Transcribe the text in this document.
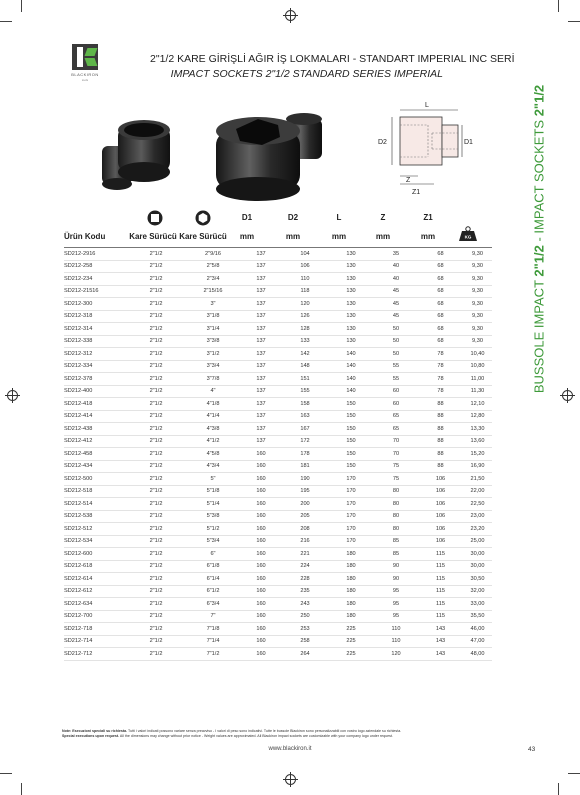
BLACKIRON
tools
2"1/2 KARE GİRİŞLİ AĞIR İŞ LOKMALARI - STANDART IMPERIAL INC SERİ
IMPACT SOCKETS 2"1/2 STANDARD SERIES IMPERIAL
BUSSOLE IMPACT 2"1/2 - IMPACT SOCKETS 2"1/2
L
D2	D1
Z
Z1
KG
D1	D2	L	Z	Z1
Ürün Kodu	Kare Sürücü Kare Sürücü	mm	mm	mm	mm	mm
SD212-2916	2"1/2	2"9/16	137	104	130	35	68	9,30
SD212-258	2"1/2	2"5/8	137	106	130	40	68	9,30
SD212-234	2"1/2	2"3/4	137	110	130	40	68	9,30
SD212-21516	2"1/2	2"15/16	137	118	130	45	68	9,30
SD212-300	2"1/2	3"	137	120	130	45	68	9,30
SD212-318	2"1/2	3"1/8	137	126	130	45	68	9,30
SD212-314	2"1/2	3"1/4	137	128	130	50	68	9,30
SD212-338	2"1/2	3"3/8	137	133	130	50	68	9,30
SD212-312	2"1/2	3"1/2	137	142	140	50	78	10,40
SD212-334	2"1/2	3"3/4	137	148	140	55	78	10,80
SD212-378	2"1/2	3"7/8	137	151	140	55	78	11,00
SD212-400	2"1/2	4"	137	155	140	60	78	11,30
SD212-418	2"1/2	4"1/8	137	158	150	60	88	12,10
SD212-414	2"1/2	4"1/4	137	163	150	65	88	12,80
SD212-438	2"1/2	4"3/8	137	167	150	65	88	13,30
SD212-412	2"1/2	4"1/2	137	172	150	70	88	13,60
SD212-458	2"1/2	4"5/8	160	178	150	70	88	15,20
SD212-434	2"1/2	4"3/4	160	181	150	75	88	16,90
SD212-500	2"1/2	5"	160	190	170	75	106	21,50
SD212-518	2"1/2	5"1/8	160	195	170	80	106	22,00
SD212-514	2"1/2	5"1/4	160	200	170	80	106	22,50
SD212-538	2"1/2	5"3/8	160	205	170	80	106	23,00
SD212-512	2"1/2	5"1/2	160	208	170	80	106	23,20
SD212-534	2"1/2	5"3/4	160	216	170	85	106	25,00
SD212-600	2"1/2	6"	160	221	180	85	115	30,00
SD212-618	2"1/2	6"1/8	160	224	180	90	115	30,00
SD212-614	2"1/2	6"1/4	160	228	180	90	115	30,50
SD212-612	2"1/2	6"1/2	160	235	180	95	115	32,00
SD212-634	2"1/2	6"3/4	160	243	180	95	115	33,00
SD212-700	2"1/2	7"	160	250	180	95	115	35,50
SD212-718	2"1/2	7"1/8	160	253	225	110	143	46,00
SD212-714	2"1/2	7"1/4	160	258	225	110	143	47,00
SD212-712	2"1/2	7"1/2	160	264	225	120	143	48,00
Note: Esecuzioni speciali su richiesta. Tutti i valori indicati possono variare senza preavviso - I valori di peso sono indicativi. Tutte le bussole Blackiron sono personalizzabili con vostro logo aziendale su richiesta.
Special executions upon request. All the dimensions may change without prior notice - Weight values are approximated. All Blackiron impact sockets are customizable with your company logo under request.
www.blackiron.it	43
